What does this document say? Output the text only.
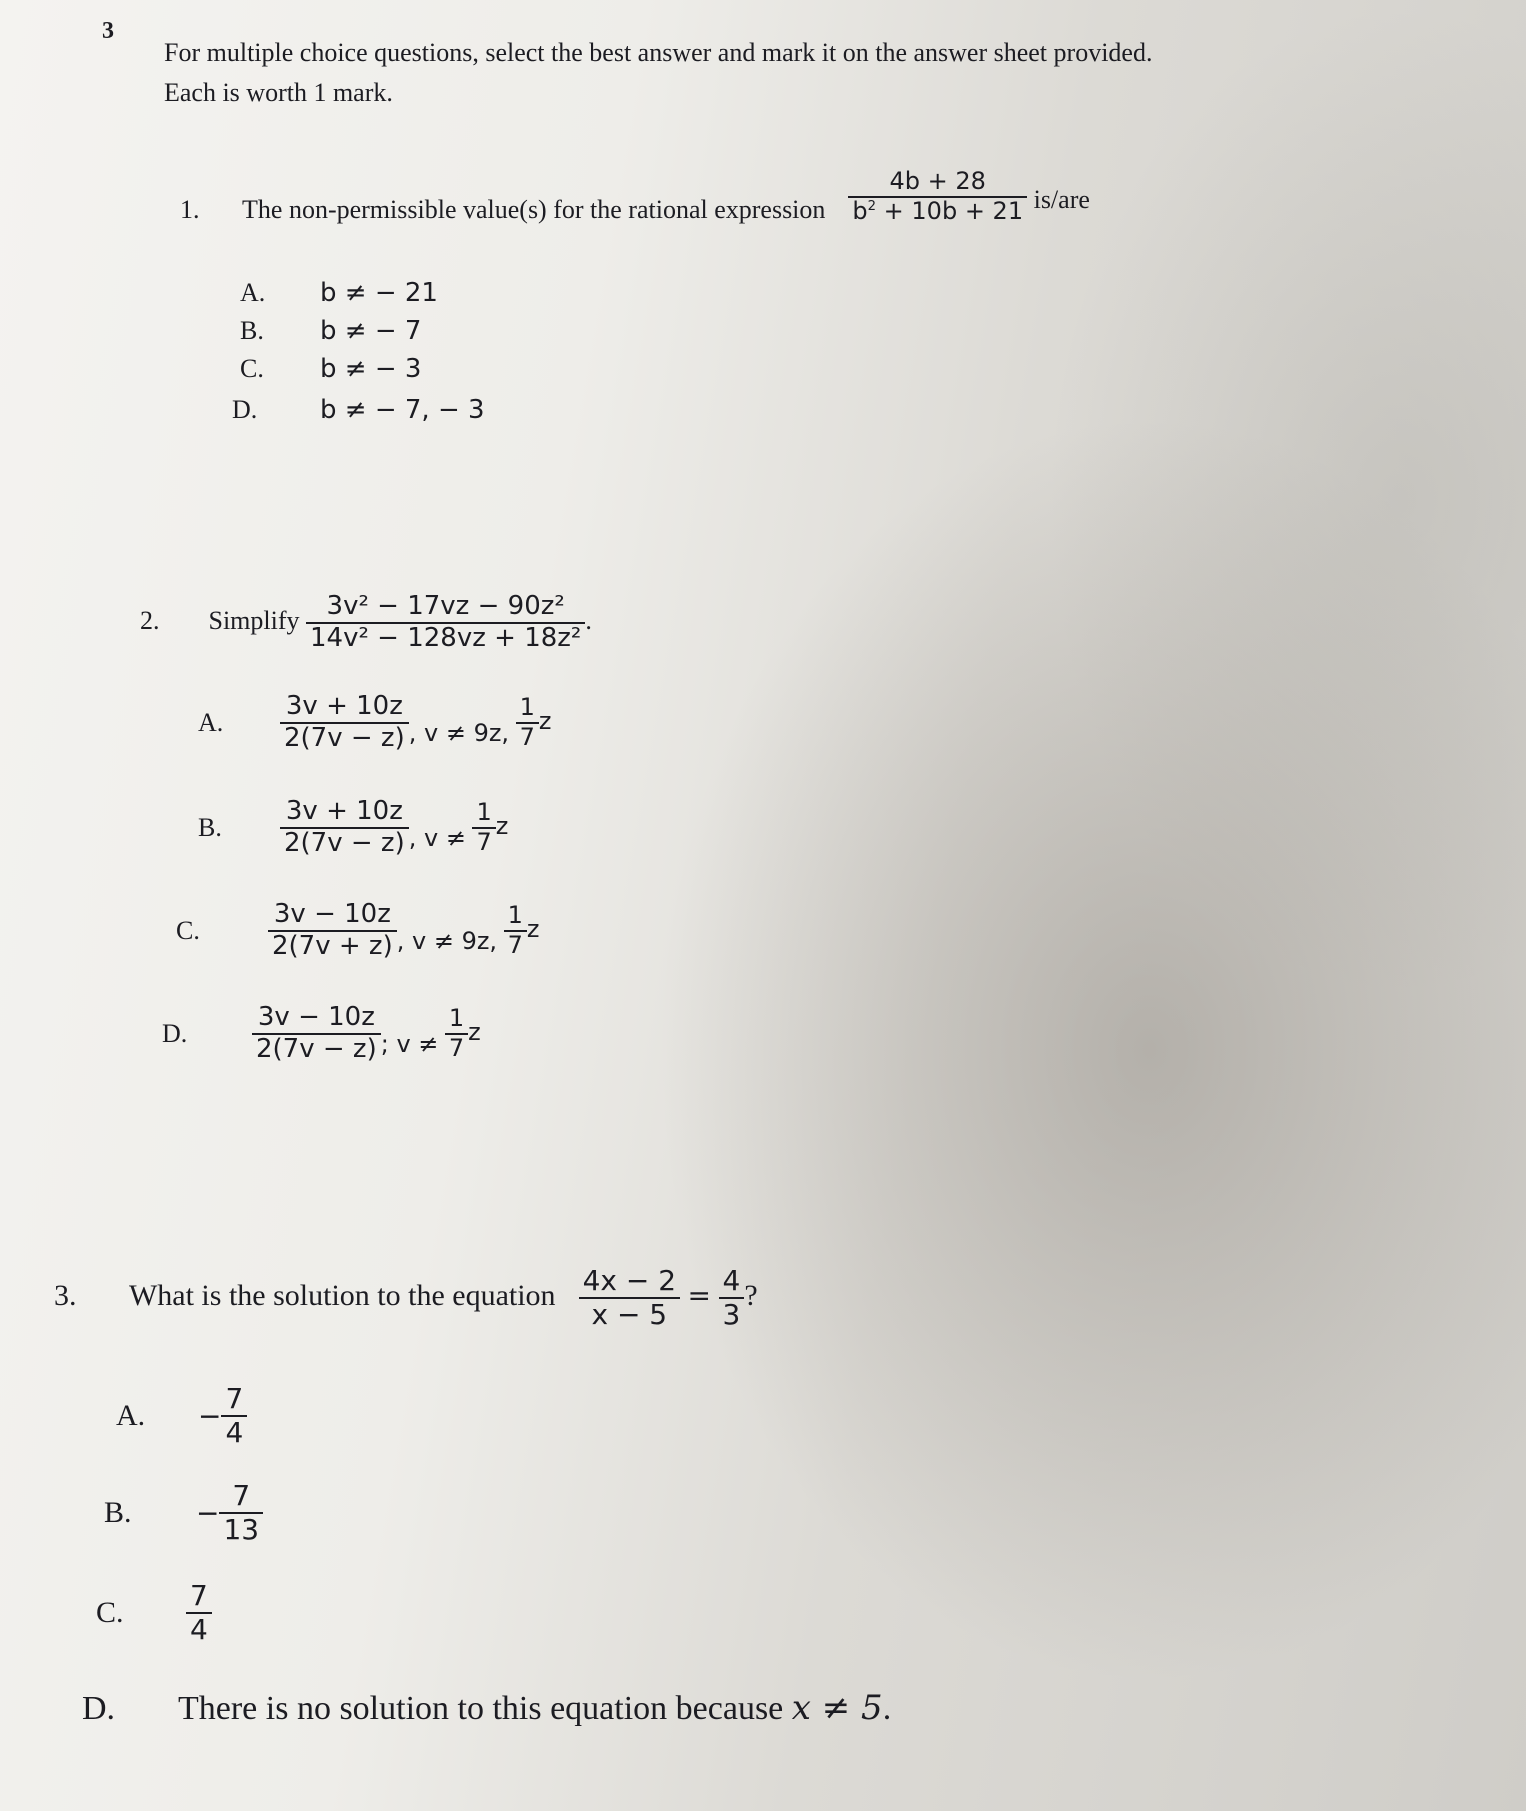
3
For multiple choice questions, select the best answer and mark it on the answer sheet provided.
Each is worth 1 mark.
1. The non-permissible value(s) for the rational expression $\frac{4b + 28}{b^2 + 10b + 21} is/are$
A. b ≠ − 21
B. b ≠ − 7
C. b ≠ − 3
D. b ≠ − 7, − 3
2. Simplify $\frac{\text{3v² − 17vz − 90z²}}{\text{14v² − 128vz + 18z²}}$ .
A. $\frac{3v + 10z}{2(7v - z)}$ , v ≠ 9z, $\frac{1}{7}$ z
B. $\frac{3v + 10z}{2(7v - z)}$ , $v \ne \frac{1}{7}$ z
C.	$\frac{3v - 10z}{2(7v + z)}$ , v ≠ 9z, $\frac{1}{7}$ z
D. $\frac{3v - 10z}{2(7v - z)}$ ; $v \ne \frac{1}{7}$ z
3. What is the solution to the equation $\frac{4x - 2}{x - 5} = \frac{4}{3}$ ?
A. − $\frac{7}{4}$
B. − $\frac{7}{13}$
C. $\frac{7}{4}$
D. There is no solution to this equation because x ≠ 5.
